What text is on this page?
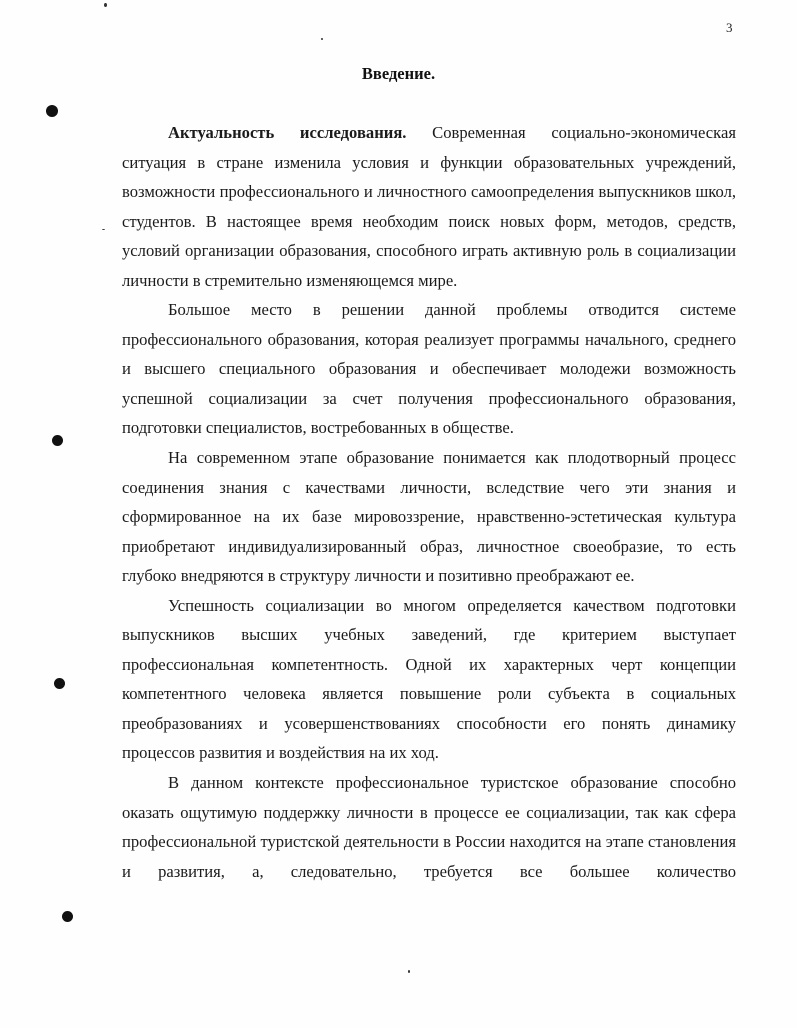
3
Введение.

Актуальность исследования. Современная социально-экономическая ситуация в стране изменила условия и функции образовательных учреждений, возможности профессионального и личностного самоопределения выпускников школ, студентов. В настоящее время необходим поиск новых форм, методов, средств, условий организации образования, способного играть активную роль в социализации личности в стремительно изменяющемся мире.

Большое место в решении данной проблемы отводится системе профессионального образования, которая реализует программы начального, среднего и высшего специального образования и обеспечивает молодежи возможность успешной социализации за счет получения профессионального образования, подготовки специалистов, востребованных в обществе.

На современном этапе образование понимается как плодотворный процесс соединения знания с качествами личности, вследствие чего эти знания и сформированное на их базе мировоззрение, нравственно-эстетическая культура приобретают индивидуализированный образ, личностное своеобразие, то есть глубоко внедряются в структуру личности и позитивно преображают ее.

Успешность социализации во многом определяется качеством подготовки выпускников высших учебных заведений, где критерием выступает профессиональная компетентность. Одной их характерных черт концепции компетентного человека является повышение роли субъекта в социальных преобразованиях и усовершенствованиях способности его понять динамику процессов развития и воздействия на их ход.

В данном контексте профессиональное туристское образование способно оказать ощутимую поддержку личности в процессе ее социализации, так как сфера профессиональной туристской деятельности в России находится на этапе становления и развития, а, следовательно, требуется все большее количество
